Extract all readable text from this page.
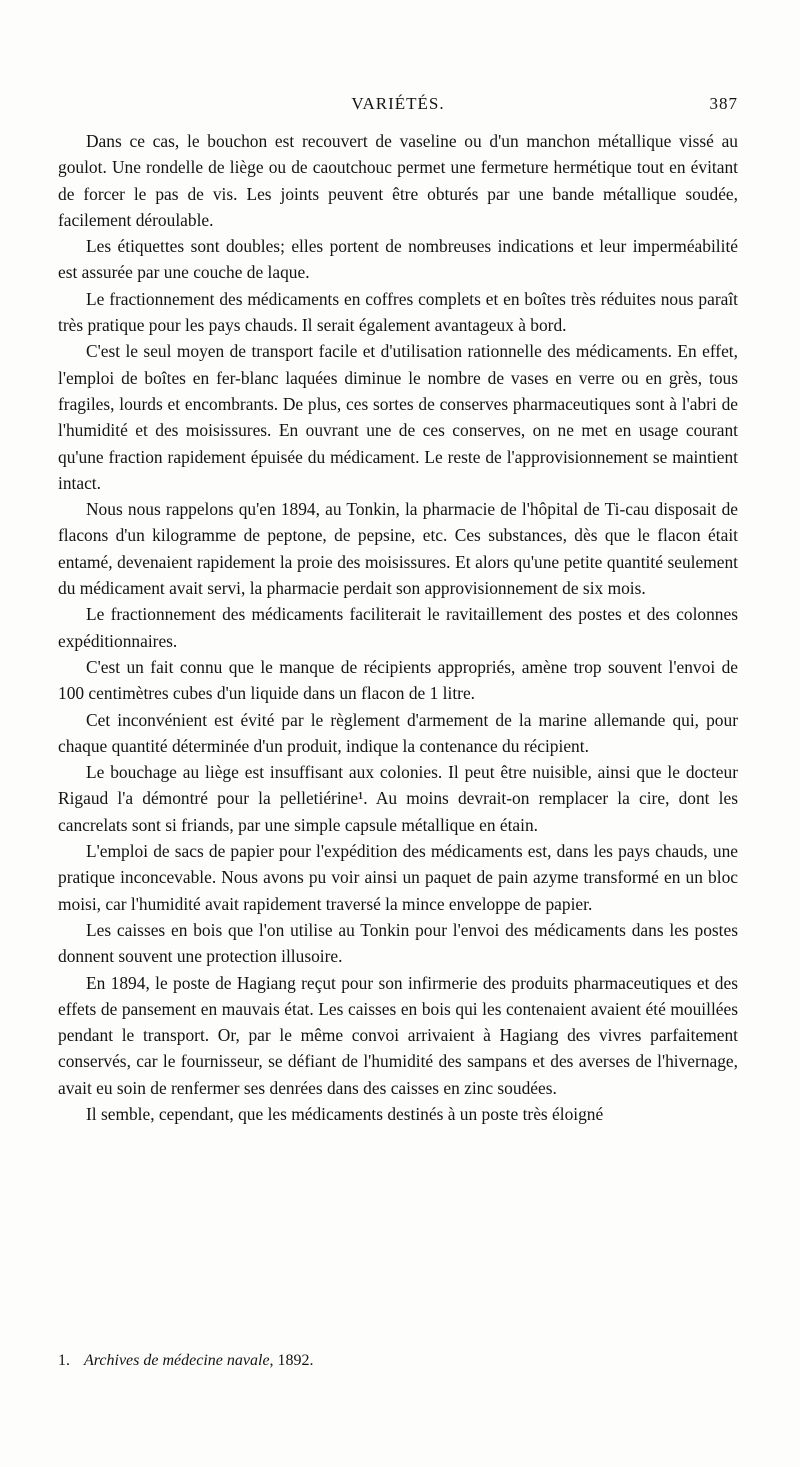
VARIÉTÉS.	387

Dans ce cas, le bouchon est recouvert de vaseline ou d'un manchon métallique vissé au goulot. Une rondelle de liège ou de caoutchouc permet une fermeture hermétique tout en évitant de forcer le pas de vis. Les joints peuvent être obturés par une bande métallique soudée, facilement déroulable.

Les étiquettes sont doubles; elles portent de nombreuses indications et leur imperméabilité est assurée par une couche de laque.

Le fractionnement des médicaments en coffres complets et en boîtes très réduites nous paraît très pratique pour les pays chauds. Il serait également avantageux à bord.

C'est le seul moyen de transport facile et d'utilisation rationnelle des médicaments. En effet, l'emploi de boîtes en fer-blanc laquées diminue le nombre de vases en verre ou en grès, tous fragiles, lourds et encombrants. De plus, ces sortes de conserves pharmaceutiques sont à l'abri de l'humidité et des moisissures. En ouvrant une de ces conserves, on ne met en usage courant qu'une fraction rapidement épuisée du médicament. Le reste de l'approvisionnement se maintient intact.

Nous nous rappelons qu'en 1894, au Tonkin, la pharmacie de l'hôpital de Ti-cau disposait de flacons d'un kilogramme de peptone, de pepsine, etc. Ces substances, dès que le flacon était entamé, devenaient rapidement la proie des moisissures. Et alors qu'une petite quantité seulement du médicament avait servi, la pharmacie perdait son approvisionnement de six mois.

Le fractionnement des médicaments faciliterait le ravitaillement des postes et des colonnes expéditionnaires.

C'est un fait connu que le manque de récipients appropriés, amène trop souvent l'envoi de 100 centimètres cubes d'un liquide dans un flacon de 1 litre.

Cet inconvénient est évité par le règlement d'armement de la marine allemande qui, pour chaque quantité déterminée d'un produit, indique la contenance du récipient.

Le bouchage au liège est insuffisant aux colonies. Il peut être nuisible, ainsi que le docteur Rigaud l'a démontré pour la pelletiérine¹. Au moins devrait-on remplacer la cire, dont les cancrelats sont si friands, par une simple capsule métallique en étain.

L'emploi de sacs de papier pour l'expédition des médicaments est, dans les pays chauds, une pratique inconcevable. Nous avons pu voir ainsi un paquet de pain azyme transformé en un bloc moisi, car l'humidité avait rapidement traversé la mince enveloppe de papier.

Les caisses en bois que l'on utilise au Tonkin pour l'envoi des médicaments dans les postes donnent souvent une protection illusoire.

En 1894, le poste de Hagiang reçut pour son infirmerie des produits pharmaceutiques et des effets de pansement en mauvais état. Les caisses en bois qui les contenaient avaient été mouillées pendant le transport. Or, par le même convoi arrivaient à Hagiang des vivres parfaitement conservés, car le fournisseur, se défiant de l'humidité des sampans et des averses de l'hivernage, avait eu soin de renfermer ses denrées dans des caisses en zinc soudées.

Il semble, cependant, que les médicaments destinés à un poste très éloigné

1. Archives de médecine navale, 1892.
